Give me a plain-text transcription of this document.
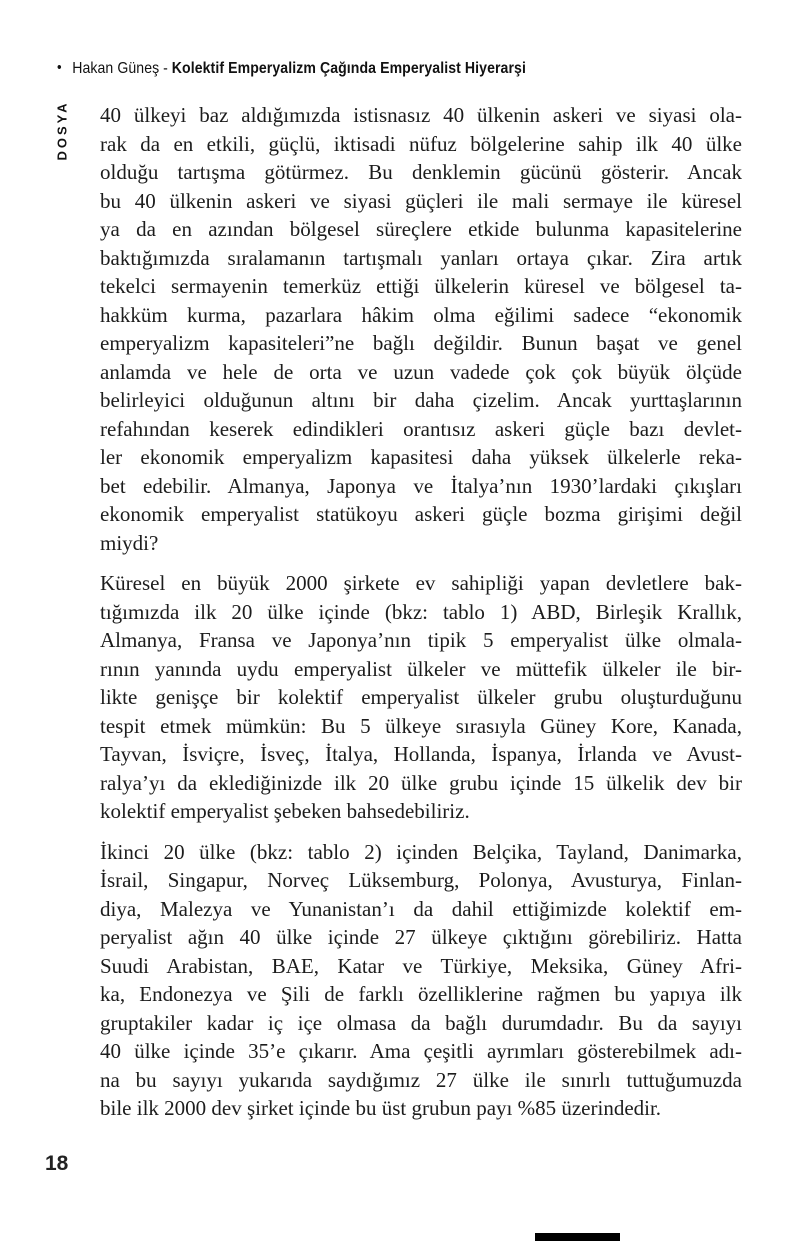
• Hakan Güneş - Kolektif Emperyalizm Çağında Emperyalist Hiyerarşi
DOSYA 40 ülkeyi baz aldığımızda istisnasız 40 ülkenin askeri ve siyasi ola-
rak da en etkili, güçlü, iktisadi nüfuz bölgelerine sahip ilk 40 ülke
olduğu tartışma götürmez. Bu denklemin gücünü gösterir. Ancak
bu 40 ülkenin askeri ve siyasi güçleri ile mali sermaye ile küresel
ya da en azından bölgesel süreçlere etkide bulunma kapasitelerine
baktığımızda sıralamanın tartışmalı yanları ortaya çıkar. Zira artık
tekelci sermayenin temerküz ettiği ülkelerin küresel ve bölgesel ta-
hakküm kurma, pazarlara hâkim olma eğilimi sadece “ekonomik
emperyalizm kapasiteleri”ne bağlı değildir. Bunun başat ve genel
anlamda ve hele de orta ve uzun vadede çok çok büyük ölçüde
belirleyici olduğunun altını bir daha çizelim. Ancak yurttaşlarının
refahından keserek edindikleri orantısız askeri güçle bazı devlet-
ler ekonomik emperyalizm kapasitesi daha yüksek ülkelerle reka-
bet edebilir. Almanya, Japonya ve İtalya’nın 1930’lardaki çıkışları
ekonomik emperyalist statükoyu askeri güçle bozma girişimi değil
miydi?
Küresel en büyük 2000 şirkete ev sahipliği yapan devletlere bak-
tığımızda ilk 20 ülke içinde (bkz: tablo 1) ABD, Birleşik Krallık,
Almanya, Fransa ve Japonya’nın tipik 5 emperyalist ülke olmala-
rının yanında uydu emperyalist ülkeler ve müttefik ülkeler ile bir-
likte genişçe bir kolektif emperyalist ülkeler grubu oluşturduğunu
tespit etmek mümkün: Bu 5 ülkeye sırasıyla Güney Kore, Kanada,
Tayvan, İsviçre, İsveç, İtalya, Hollanda, İspanya, İrlanda ve Avust-
ralya’yı da eklediğinizde ilk 20 ülke grubu içinde 15 ülkelik dev bir
kolektif emperyalist şebeken bahsedebiliriz.
İkinci 20 ülke (bkz: tablo 2) içinden Belçika, Tayland, Danimarka,
İsrail, Singapur, Norveç Lüksemburg, Polonya, Avusturya, Finlan-
diya, Malezya ve Yunanistan’ı da dahil ettiğimizde kolektif em-
peryalist ağın 40 ülke içinde 27 ülkeye çıktığını görebiliriz. Hatta
Suudi Arabistan, BAE, Katar ve Türkiye, Meksika, Güney Afri-
ka, Endonezya ve Şili de farklı özelliklerine rağmen bu yapıya ilk
gruptakiler kadar iç içe olmasa da bağlı durumdadır. Bu da sayıyı
40 ülke içinde 35’e çıkarır. Ama çeşitli ayrımları gösterebilmek adı-
na bu sayıyı yukarıda saydığımız 27 ülke ile sınırlı tuttuğumuzda
bile ilk 2000 dev şirket içinde bu üst grubun payı %85 üzerindedir.
18
